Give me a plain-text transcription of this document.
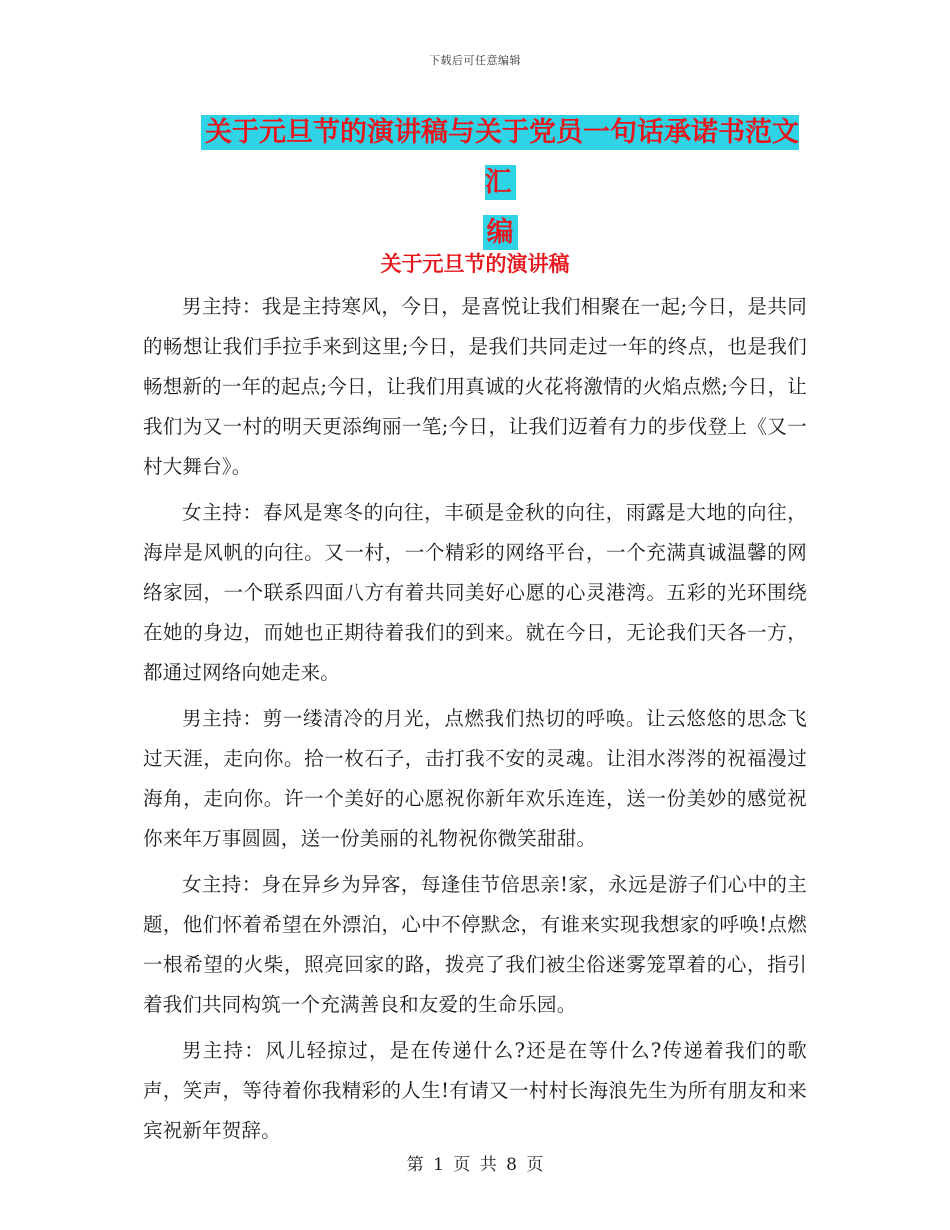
下载后可任意编辑
关于元旦节的演讲稿与关于党员一句话承诺书范文汇
编
关于元旦节的演讲稿

男主持：我是主持寒风，今日，是喜悦让我们相聚在一起;今日，是共同的畅想让我们手拉手来到这里;今日，是我们共同走过一年的终点，也是我们畅想新的一年的起点;今日，让我们用真诚的火花将激情的火焰点燃;今日，让我们为又一村的明天更添绚丽一笔;今日，让我们迈着有力的步伐登上《又一村大舞台》。

女主持：春风是寒冬的向往，丰硕是金秋的向往，雨露是大地的向往，海岸是风帆的向往。又一村，一个精彩的网络平台，一个充满真诚温馨的网络家园，一个联系四面八方有着共同美好心愿的心灵港湾。五彩的光环围绕在她的身边，而她也正期待着我们的到来。就在今日，无论我们天各一方，都通过网络向她走来。

男主持：剪一缕清冷的月光，点燃我们热切的呼唤。让云悠悠的思念飞过天涯，走向你。拾一枚石子，击打我不安的灵魂。让泪水涔涔的祝福漫过海角，走向你。许一个美好的心愿祝你新年欢乐连连，送一份美妙的感觉祝你来年万事圆圆，送一份美丽的礼物祝你微笑甜甜。

女主持：身在异乡为异客，每逢佳节倍思亲!家，永远是游子们心中的主题，他们怀着希望在外漂泊，心中不停默念，有谁来实现我想家的呼唤!点燃一根希望的火柴，照亮回家的路，拨亮了我们被尘俗迷雾笼罩着的心，指引着我们共同构筑一个充满善良和友爱的生命乐园。

男主持：风儿轻掠过，是在传递什么?还是在等什么?传递着我们的歌声，笑声，等待着你我精彩的人生!有请又一村村长海浪先生为所有朋友和来宾祝新年贺辞。

第 1 页 共 8 页
